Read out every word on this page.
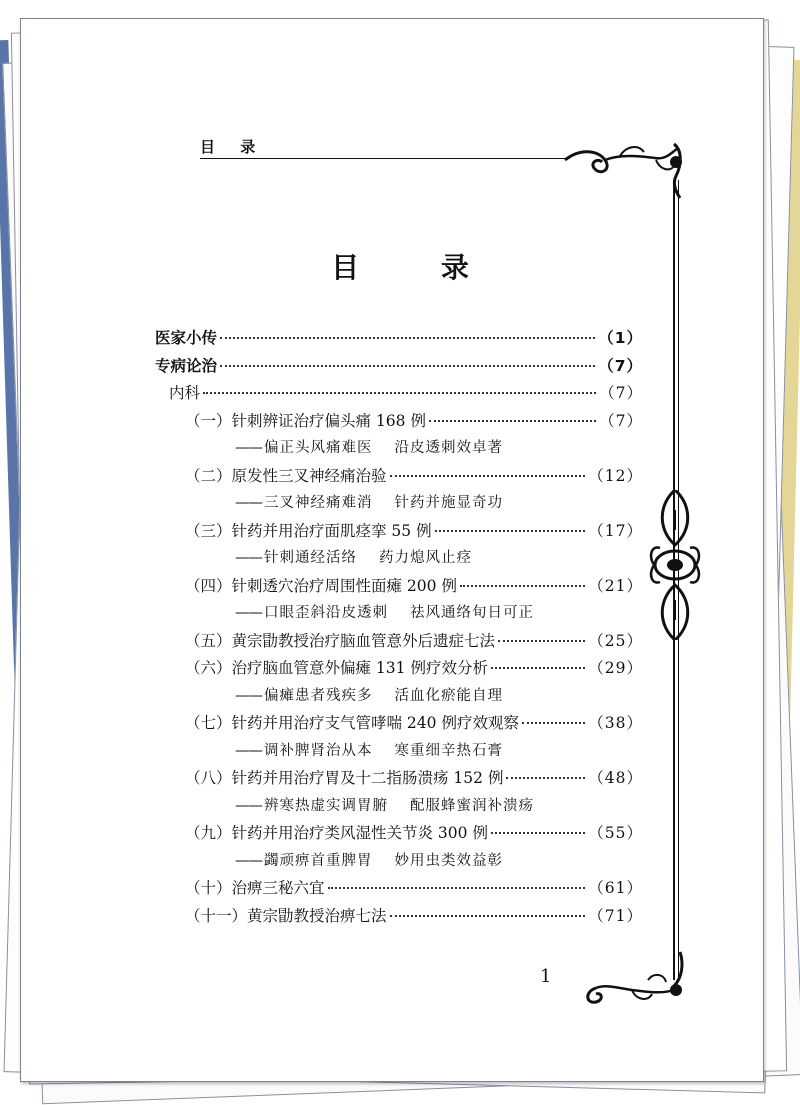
目 录
目 录
医家小传	（1）
专病论治	（7）
内科	（7）
（一）针刺辨证治疗偏头痛 168 例	（7）
—— 偏正头风痛难医 沿皮透刺效卓著
（二）原发性三叉神经痛治验	（12）
—— 三叉神经痛难消 针药并施显奇功
（三）针药并用治疗面肌痉挛 55 例	（17）
—— 针刺通经活络 药力熄风止痉
（四）针刺透穴治疗周围性面瘫 200 例	（21）
—— 口眼歪斜沿皮透刺 祛风通络旬日可正
（五）黄宗勖教授治疗脑血管意外后遗症七法	（25）
（六）治疗脑血管意外偏瘫 131 例疗效分析	（29）
—— 偏瘫患者残疾多 活血化瘀能自理
（七）针药并用治疗支气管哮喘 240 例疗效观察	（38）
—— 调补脾肾治从本 寒重细辛热石膏
（八）针药并用治疗胃及十二指肠溃疡 152 例	（48）
—— 辨寒热虚实调胃腑 配服蜂蜜润补溃疡
（九）针药并用治疗类风湿性关节炎 300 例	（55）
—— 蠲顽痹首重脾胃 妙用虫类效益彰
（十）治痹三秘六宜	（61）
（十一）黄宗勖教授治痹七法	（71）
1
